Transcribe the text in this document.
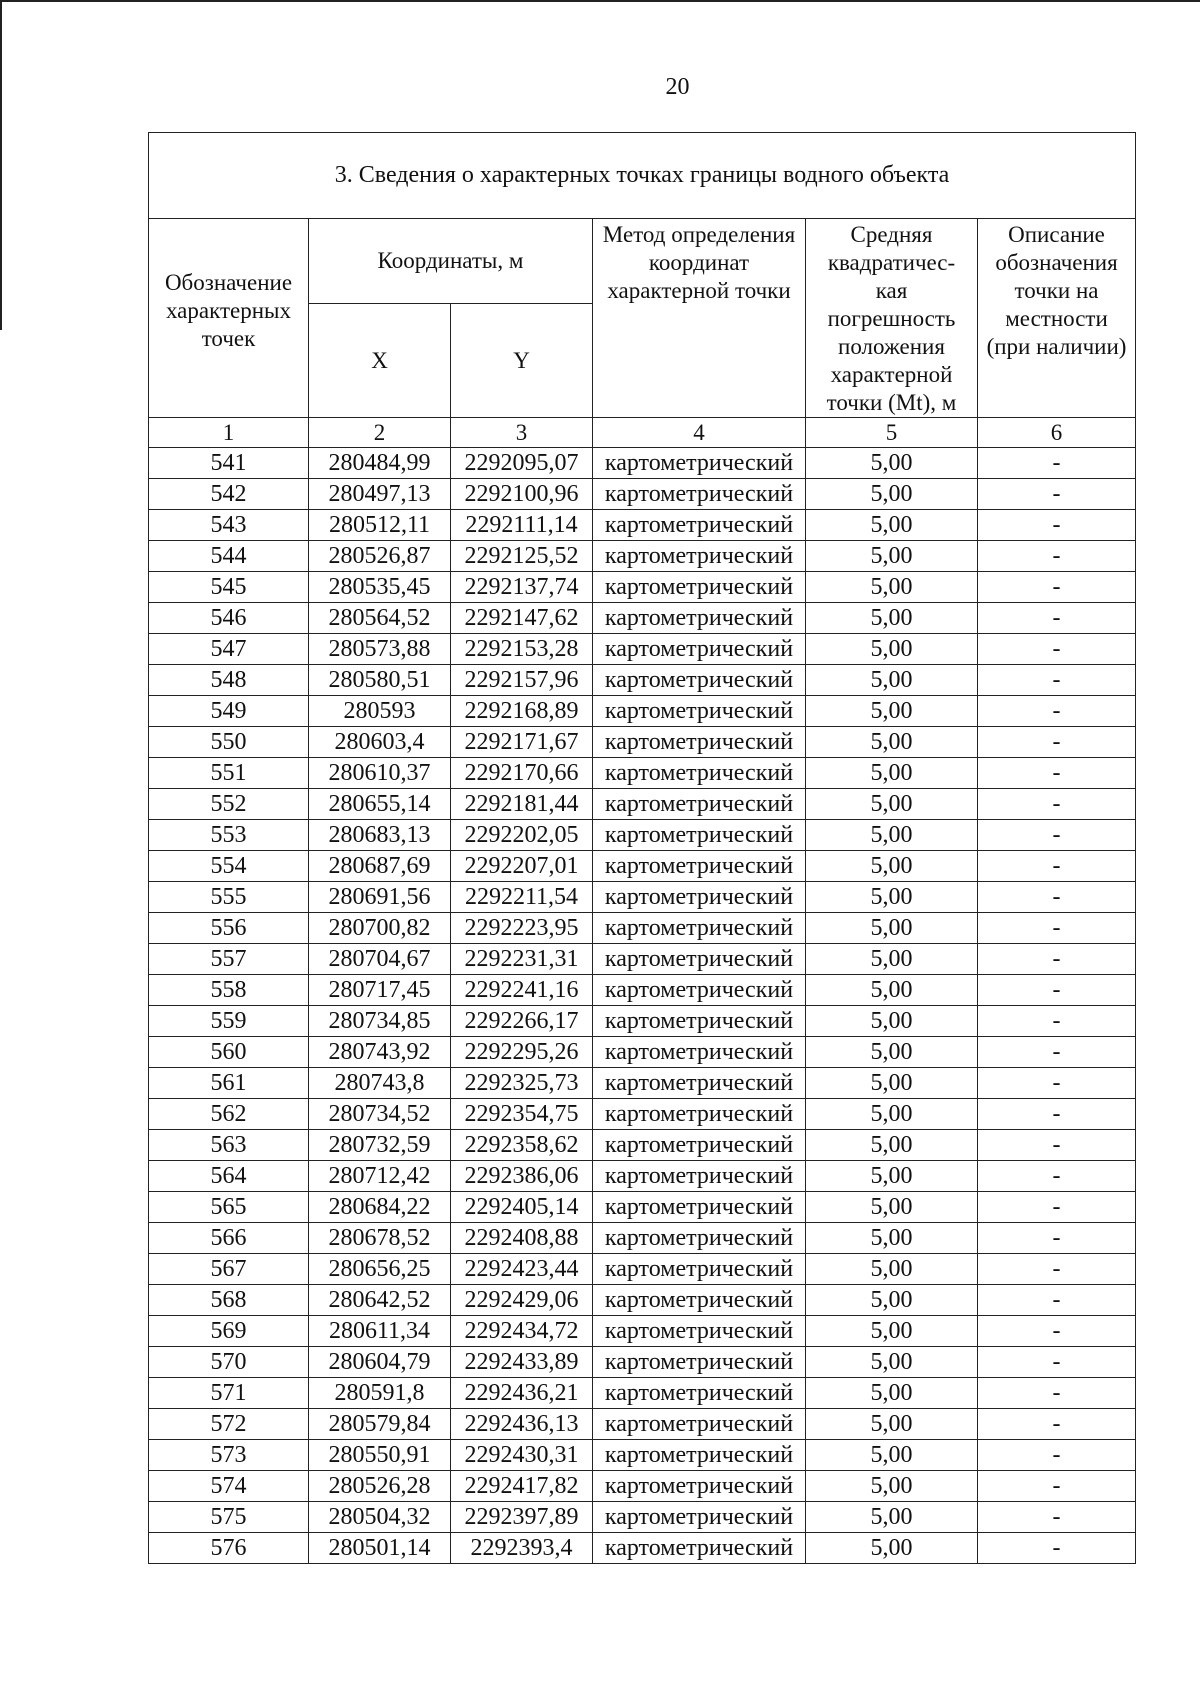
20
3. Сведения о характерных точках границы водного объекта					
Обозначение характерных точек	Координаты, м		Метод определения координат характерной точки	Средняя квадратичес-кая погрешность положения характерной точки (Mt), м	Описание обозначения точки на местности (при наличии)
	X	Y			
1	2	3	4	5	6
541	280484,99	2292095,07	картометрический	5,00	-
542	280497,13	2292100,96	картометрический	5,00	-
543	280512,11	2292111,14	картометрический	5,00	-
544	280526,87	2292125,52	картометрический	5,00	-
545	280535,45	2292137,74	картометрический	5,00	-
546	280564,52	2292147,62	картометрический	5,00	-
547	280573,88	2292153,28	картометрический	5,00	-
548	280580,51	2292157,96	картометрический	5,00	-
549	280593	2292168,89	картометрический	5,00	-
550	280603,4	2292171,67	картометрический	5,00	-
551	280610,37	2292170,66	картометрический	5,00	-
552	280655,14	2292181,44	картометрический	5,00	-
553	280683,13	2292202,05	картометрический	5,00	-
554	280687,69	2292207,01	картометрический	5,00	-
555	280691,56	2292211,54	картометрический	5,00	-
556	280700,82	2292223,95	картометрический	5,00	-
557	280704,67	2292231,31	картометрический	5,00	-
558	280717,45	2292241,16	картометрический	5,00	-
559	280734,85	2292266,17	картометрический	5,00	-
560	280743,92	2292295,26	картометрический	5,00	-
561	280743,8	2292325,73	картометрический	5,00	-
562	280734,52	2292354,75	картометрический	5,00	-
563	280732,59	2292358,62	картометрический	5,00	-
564	280712,42	2292386,06	картометрический	5,00	-
565	280684,22	2292405,14	картометрический	5,00	-
566	280678,52	2292408,88	картометрический	5,00	-
567	280656,25	2292423,44	картометрический	5,00	-
568	280642,52	2292429,06	картометрический	5,00	-
569	280611,34	2292434,72	картометрический	5,00	-
570	280604,79	2292433,89	картометрический	5,00	-
571	280591,8	2292436,21	картометрический	5,00	-
572	280579,84	2292436,13	картометрический	5,00	-
573	280550,91	2292430,31	картометрический	5,00	-
574	280526,28	2292417,82	картометрический	5,00	-
575	280504,32	2292397,89	картометрический	5,00	-
576	280501,14	2292393,4	картометрический	5,00	-
